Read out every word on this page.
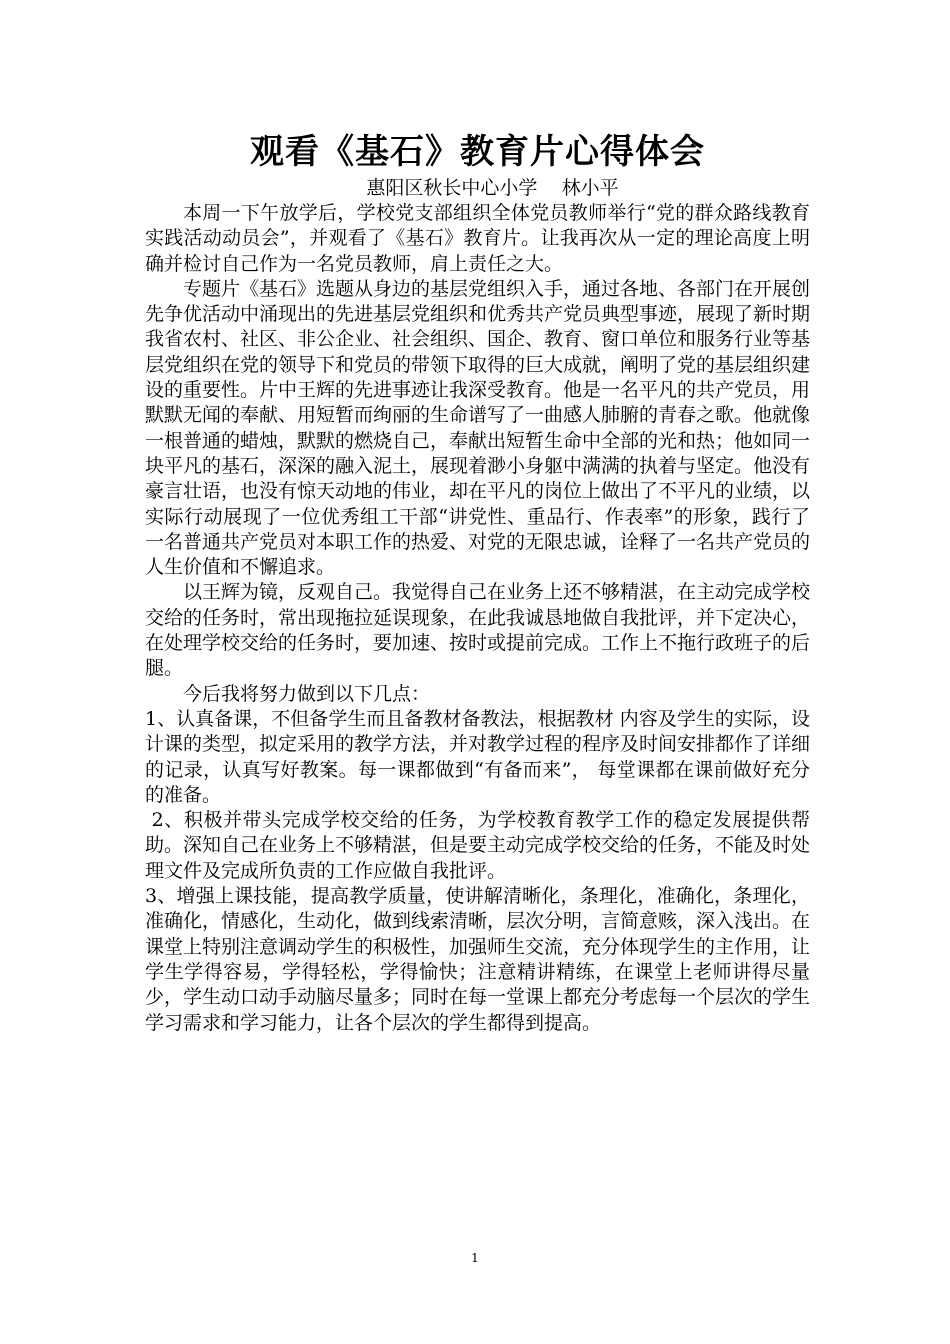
观看《基石》教育片心得体会

惠阳区秋长中心小学    林小平

本周一下午放学后，学校党支部组织全体党员教师举行“党的群众路线教育实践活动动员会”，并观看了《基石》教育片。让我再次从一定的理论高度上明确并检讨自己作为一名党员教师，肩上责任之大。

专题片《基石》选题从身边的基层党组织入手，通过各地、各部门在开展创先争优活动中涌现出的先进基层党组织和优秀共产党员典型事迹，展现了新时期我省农村、社区、非公企业、社会组织、国企、教育、窗口单位和服务行业等基层党组织在党的领导下和党员的带领下取得的巨大成就，阐明了党的基层组织建设的重要性。片中王辉的先进事迹让我深受教育。他是一名平凡的共产党员，用默默无闻的奉献、用短暂而绚丽的生命谱写了一曲感人肺腑的青春之歌。他就像一根普通的蜡烛，默默的燃烧自己，奉献出短暂生命中全部的光和热；他如同一块平凡的基石，深深的融入泥土，展现着渺小身躯中满满的执着与坚定。他没有豪言壮语，也没有惊天动地的伟业，却在平凡的岗位上做出了不平凡的业绩，以实际行动展现了一位优秀组工干部“讲党性、重品行、作表率”的形象，践行了一名普通共产党员对本职工作的热爱、对党的无限忠诚，诠释了一名共产党员的人生价值和不懈追求。

以王辉为镜，反观自己。我觉得自己在业务上还不够精湛，在主动完成学校交给的任务时，常出现拖拉延误现象，在此我诚恳地做自我批评，并下定决心，在处理学校交给的任务时，要加速、按时或提前完成。工作上不拖行政班子的后腿。

今后我将努力做到以下几点：

1、认真备课，不但备学生而且备教材备教法，根据教材 内容及学生的实际，设计课的类型，拟定采用的教学方法，并对教学过程的程序及时间安排都作了详细的记录，认真写好教案。每一课都做到“有备而来”， 每堂课都在课前做好充分的准备。

2、积极并带头完成学校交给的任务，为学校教育教学工作的稳定发展提供帮助。深知自己在业务上不够精湛，但是要主动完成学校交给的任务，不能及时处理文件及完成所负责的工作应做自我批评。

3、增强上课技能，提高教学质量，使讲解清晰化，条理化，准确化，条理化，准确化，情感化，生动化，做到线索清晰，层次分明，言简意赅，深入浅出。在课堂上特别注意调动学生的积极性，加强师生交流，充分体现学生的主作用，让学生学得容易，学得轻松，学得愉快；注意精讲精练，在课堂上老师讲得尽量少，学生动口动手动脑尽量多；同时在每一堂课上都充分考虑每一个层次的学生学习需求和学习能力，让各个层次的学生都得到提高。

1
